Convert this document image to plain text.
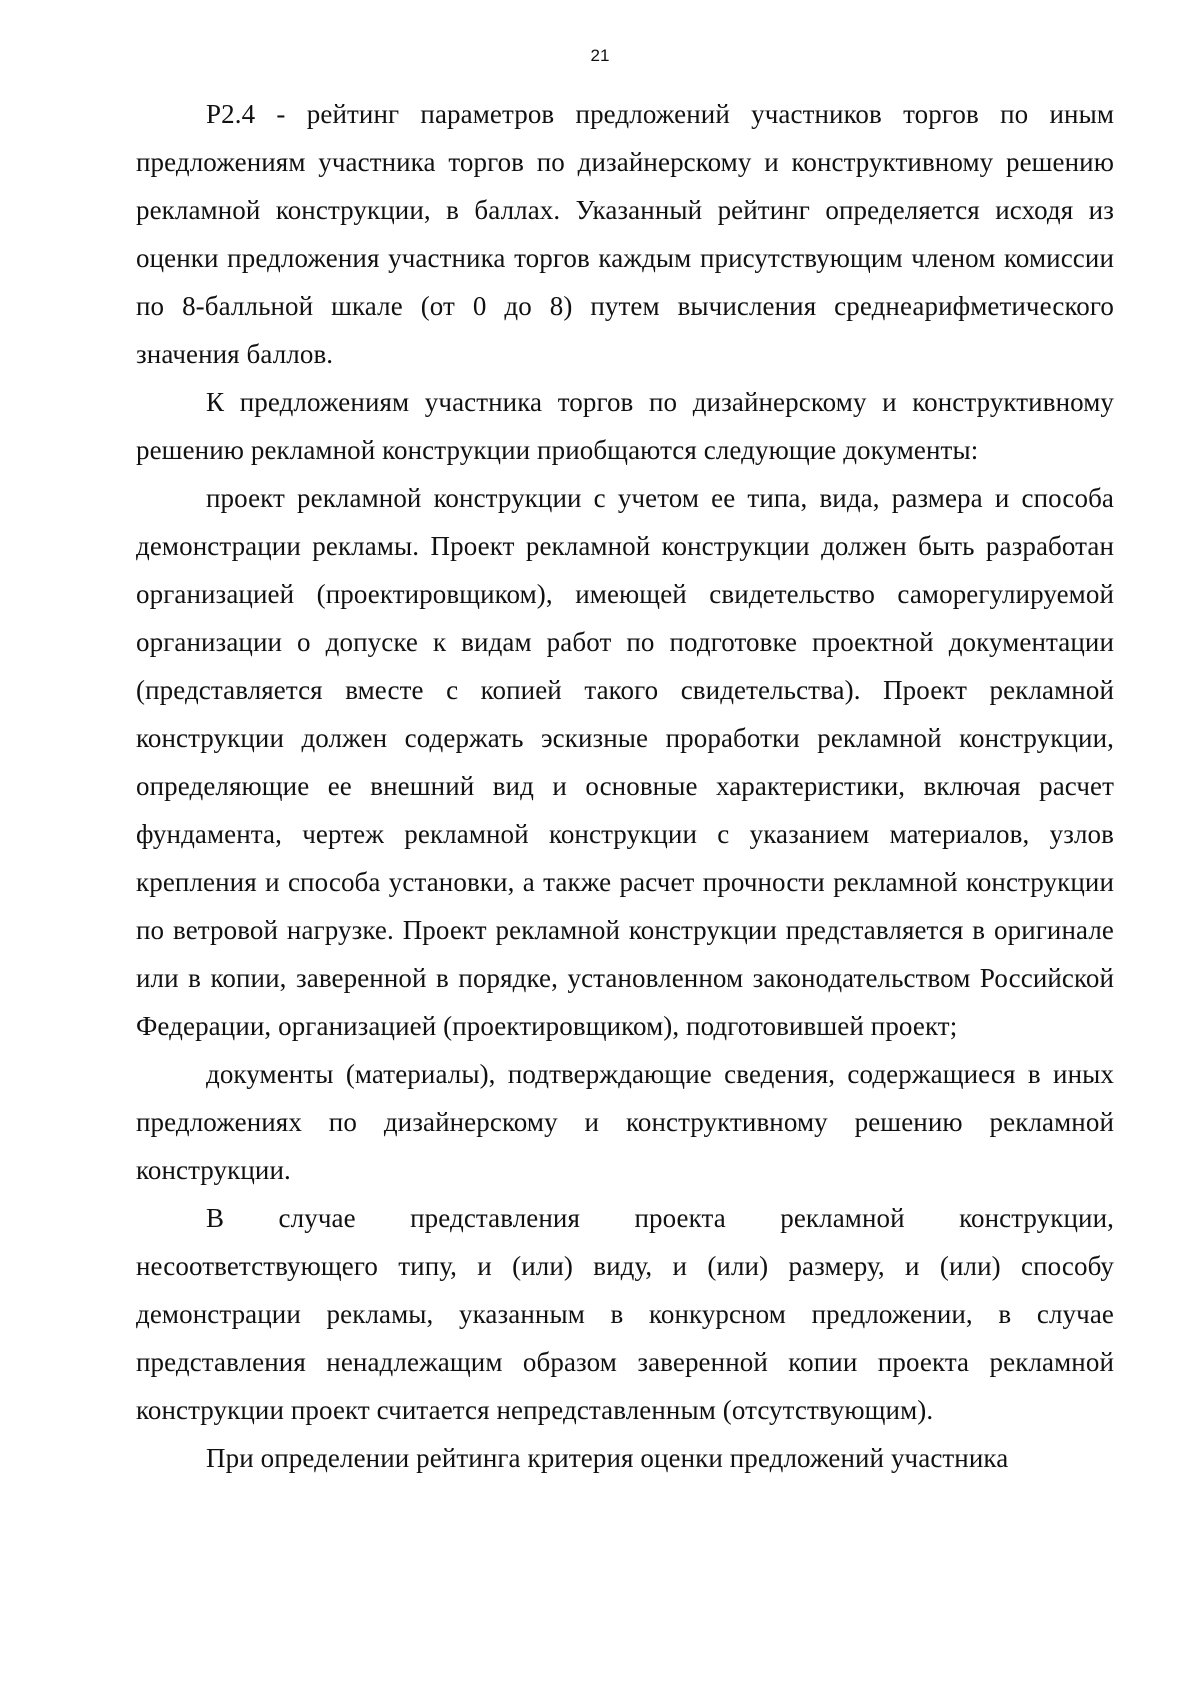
21

Р2.4 - рейтинг параметров предложений участников торгов по иным предложениям участника торгов по дизайнерскому и конструктивному решению рекламной конструкции, в баллах. Указанный рейтинг определяется исходя из оценки предложения участника торгов каждым присутствующим членом комиссии по 8-балльной шкале (от 0 до 8) путем вычисления среднеарифметического значения баллов.

К предложениям участника торгов по дизайнерскому и конструктивному решению рекламной конструкции приобщаются следующие документы:

проект рекламной конструкции с учетом ее типа, вида, размера и способа демонстрации рекламы. Проект рекламной конструкции должен быть разработан организацией (проектировщиком), имеющей свидетельство саморегулируемой организации о допуске к видам работ по подготовке проектной документации (представляется вместе с копией такого свидетельства). Проект рекламной конструкции должен содержать эскизные проработки рекламной конструкции, определяющие ее внешний вид и основные характеристики, включая расчет фундамента, чертеж рекламной конструкции с указанием материалов, узлов крепления и способа установки, а также расчет прочности рекламной конструкции по ветровой нагрузке. Проект рекламной конструкции представляется в оригинале или в копии, заверенной в порядке, установленном законодательством Российской Федерации, организацией (проектировщиком), подготовившей проект;

документы (материалы), подтверждающие сведения, содержащиеся в иных предложениях по дизайнерскому и конструктивному решению рекламной конструкции.

В случае представления проекта рекламной конструкции, несоответствующего типу, и (или) виду, и (или) размеру, и (или) способу демонстрации рекламы, указанным в конкурсном предложении, в случае представления ненадлежащим образом заверенной копии проекта рекламной конструкции проект считается непредставленным (отсутствующим).

При определении рейтинга критерия оценки предложений участника
